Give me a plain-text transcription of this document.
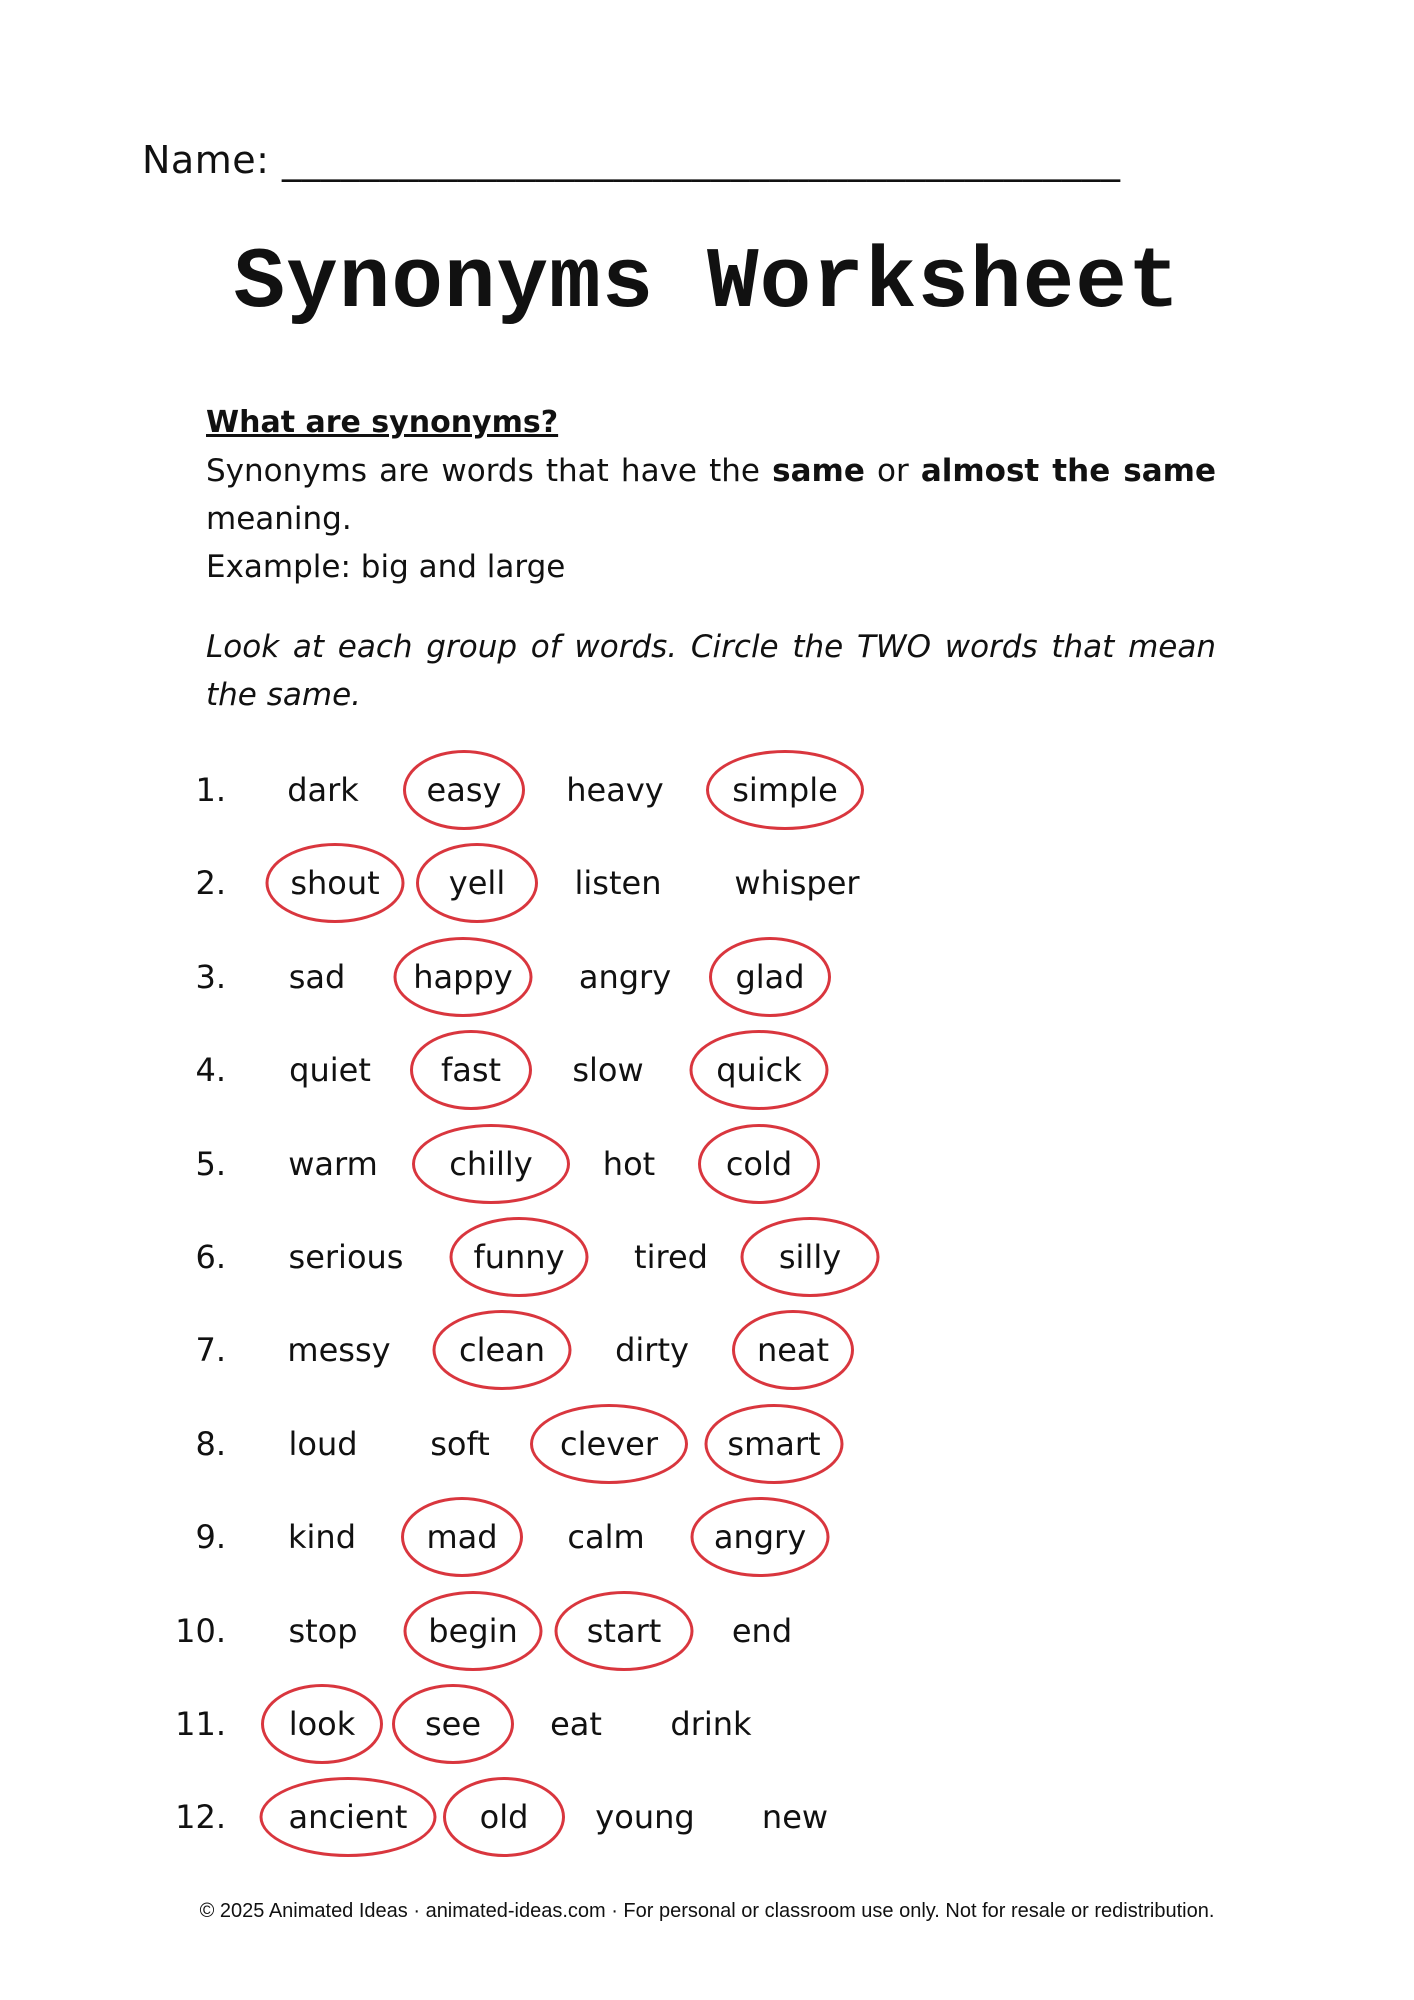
Name: ___________________________________________
Synonyms Worksheet

What are synonyms?

Synonyms are words that have the same or almost the same meaning.

Example: big and large

Look at each group of words. Circle the TWO words that mean the same.
1. dark easy heavy simple
2. shout yell listen whisper
3. sad happy angry glad
4. quiet fast slow quick
5. warm chilly hot cold
6. serious funny tired silly
7. messy clean dirty neat
8. loud soft clever smart
9. kind mad calm angry
10. stop begin start end
11. look see eat drink
12. ancient old young new
© 2025 Animated Ideas · animated-ideas.com · For personal or classroom use only. Not for resale or redistribution.
